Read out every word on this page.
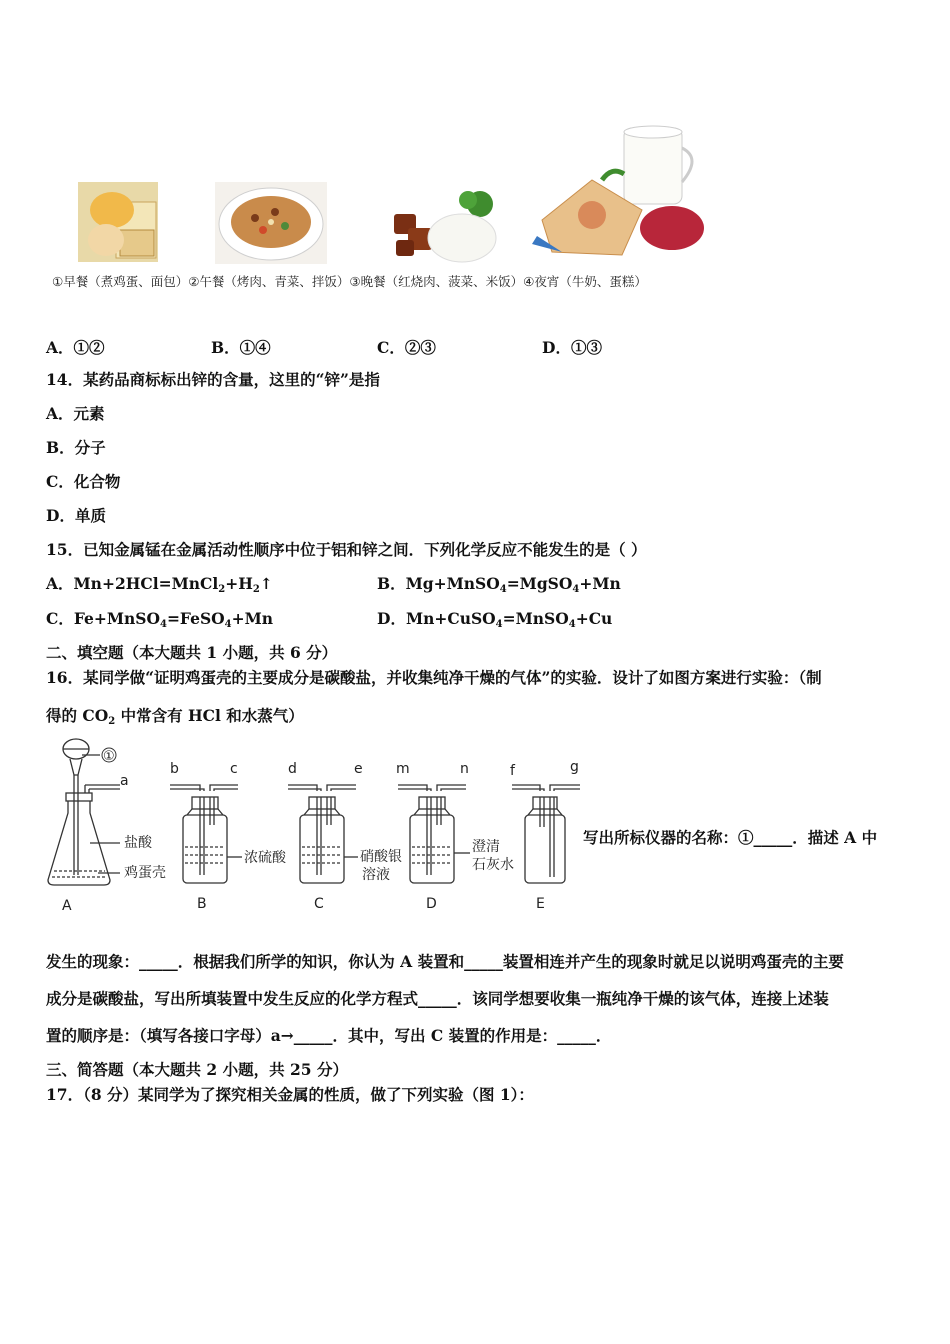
①早餐（煮鸡蛋、面包）②午餐（烤肉、青菜、拌饭）③晚餐（红烧肉、菠菜、米饭）④夜宵（牛奶、蛋糕）
A．①②	B．①④	C．②③	D．①③
14．某药品商标标出锌的含量，这里的“锌”是指
A．元素
B．分子
C．化合物
D．单质
15．已知金属锰在金属活动性顺序中位于铝和锌之间．下列化学反应不能发生的是（ ）
A．$Mn+2HCl=MnCl_2+H_2↑$	B．Mg+MnSO$_4$=MgSO$_4$+Mn
C．Fe+MnSO$_4$=FeSO$_4$+Mn	D．Mn+CuSO$_4$=MnSO$_4$+Cu
二、填空题（本大题共 1 小题，共 6 分）
16．某同学做“证明鸡蛋壳的主要成分是碳酸盐，并收集纯净干燥的气体”的实验．设计了如图方案进行实验：（制
得的 $CO_2$ 中常含有 HCl 和水蒸气）
①
a
盐酸
鸡蛋壳
b	c	d	e m	n	f	g
浓硫酸	硝酸银
溶液
澄清
石灰水
A	B	C	D	E
写出所标仪器的名称：①_____．描述 A 中
发生的现象：_____．根据我们所学的知识，你认为 A 装置和_____装置相连并产生的现象时就足以说明鸡蛋壳的主要
成分是碳酸盐，写出所填装置中发生反应的化学方程式_____．该同学想要收集一瓶纯净干燥的该气体，连接上述装
置的顺序是：（填写各接口字母）a→_____．其中，写出 C 装置的作用是：_____．
三、简答题（本大题共 2 小题，共 25 分）
17．（8 分）某同学为了探究相关金属的性质，做了下列实验（图 1）：
